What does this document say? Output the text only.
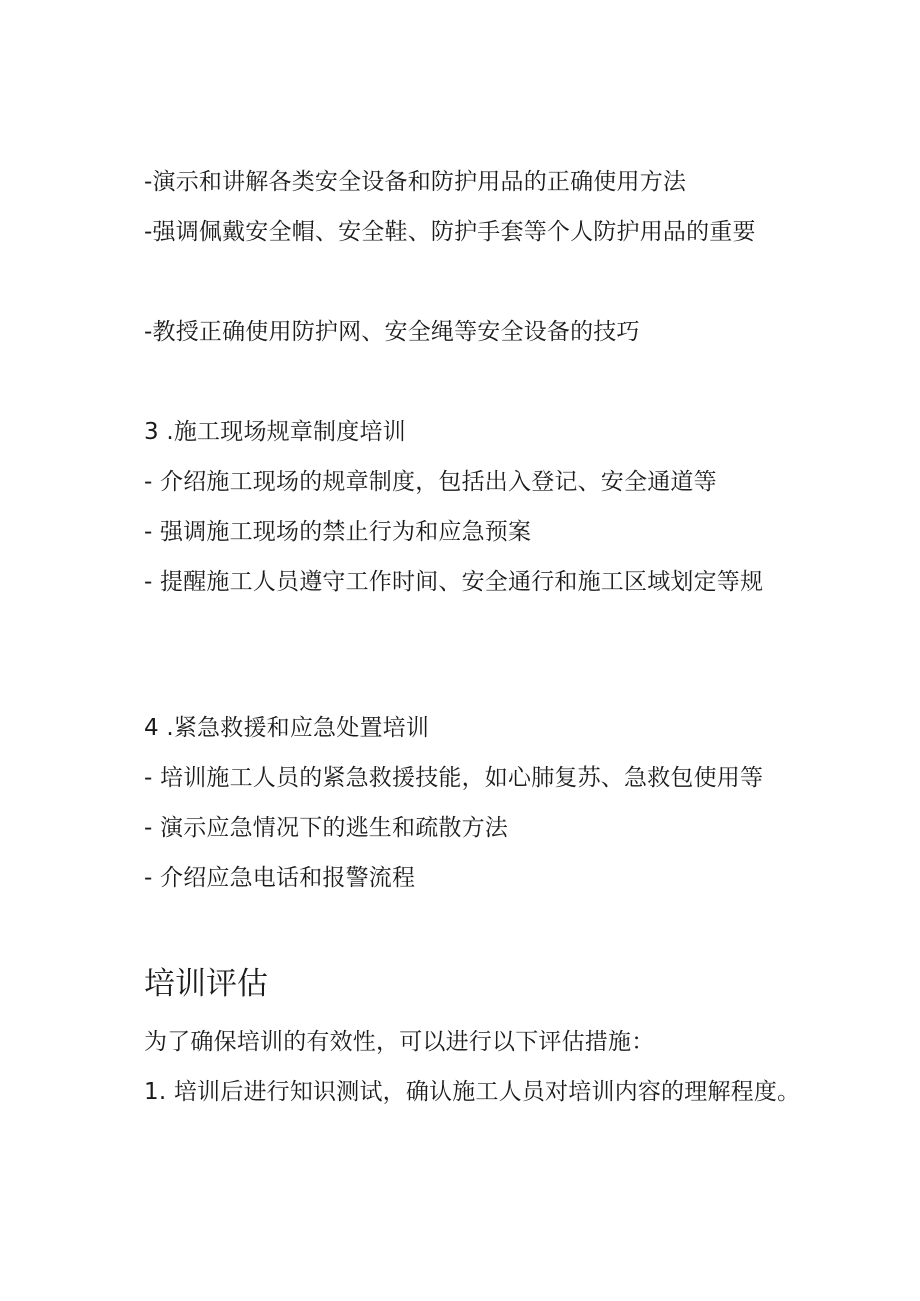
-演示和讲解各类安全设备和防护用品的正确使用方法
-强调佩戴安全帽、安全鞋、防护手套等个人防护用品的重要
-教授正确使用防护网、安全绳等安全设备的技巧
3 .施工现场规章制度培训
- 介绍施工现场的规章制度，包括出入登记、安全通道等
- 强调施工现场的禁止行为和应急预案
- 提醒施工人员遵守工作时间、安全通行和施工区域划定等规
4 .紧急救援和应急处置培训
- 培训施工人员的紧急救援技能，如心肺复苏、急救包使用等
- 演示应急情况下的逃生和疏散方法
- 介绍应急电话和报警流程
培训评估
为了确保培训的有效性，可以进行以下评估措施：
1. 培训后进行知识测试，确认施工人员对培训内容的理解程度。
